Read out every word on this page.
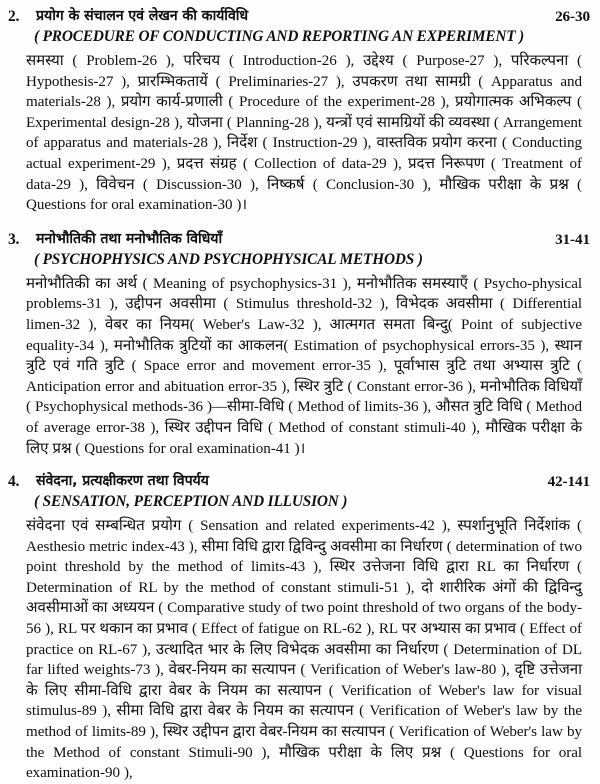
2.	प्रयोग के संचालन एवं लेखन की कार्यविधि	26-30
( PROCEDURE OF CONDUCTING AND REPORTING AN EXPERIMENT )

समस्या ( Problem-26 ), परिचय ( Introduction-26 ), उद्देश्य ( Purpose-27 ), परिकल्पना ( Hypothesis-27 ), प्रारम्भिकतायें ( Preliminaries-27 ), उपकरण तथा सामग्री ( Apparatus and materials-28 ), प्रयोग कार्य-प्रणाली ( Procedure of the experiment-28 ), प्रयोगात्मक अभिकल्प ( Experimental design-28 ), योजना ( Planning-28 ), यन्त्रों एवं सामग्रियों की व्यवस्था ( Arrangement of apparatus and materials-28 ), निर्देश ( Instruction-29 ), वास्तविक प्रयोग करना ( Conducting actual experiment-29 ), प्रदत्त संग्रह ( Collection of data-29 ), प्रदत्त निरूपण ( Treatment of data-29 ), विवेचन ( Discussion-30 ), निष्कर्ष ( Conclusion-30 ), मौखिक परीक्षा के प्रश्न ( Questions for oral examination-30 )।

3.	मनोभौतिकी तथा मनोभौतिक विधियाँ	31-41
( PSYCHOPHYSICS AND PSYCHOPHYSICAL METHODS )

मनोभौतिकी का अर्थ ( Meaning of psychophysics-31 ), मनोभौतिक समस्याएँ ( Psycho-physical problems-31 ), उद्दीपन अवसीमा ( Stimulus threshold-32 ), विभेदक अवसीमा ( Differential limen-32 ), वेबर का नियम( Weber's Law-32 ), आत्मगत समता बिन्दु( Point of subjective equality-34 ), मनोभौतिक त्रुटियों का आकलन( Estimation of psychophysical errors-35 ), स्थान त्रुटि एवं गति त्रुटि ( Space error and movement error-35 ), पूर्वाभास त्रुटि तथा अभ्यास त्रुटि ( Anticipation error and abituation error-35 ), स्थिर त्रुटि ( Constant error-36 ), मनोभौतिक विधियाँ ( Psychophysical methods-36 )—सीमा-विधि ( Method of limits-36 ), औसत त्रुटि विधि ( Method of average error-38 ), स्थिर उद्दीपन विधि ( Method of constant stimuli-40 ), मौखिक परीक्षा के लिए प्रश्न ( Questions for oral examination-41 )।

4.	संवेदना, प्रत्यक्षीकरण तथा विपर्यय	42-141
( SENSATION, PERCEPTION AND ILLUSION )

संवेदना एवं सम्बन्धित प्रयोग ( Sensation and related experiments-42 ), स्पर्शानुभूति निर्देशांक ( Aesthesio metric index-43 ), सीमा विधि द्वारा द्विविन्दु अवसीमा का निर्धारण ( determination of two point threshold by the method of limits-43 ), स्थिर उत्तेजना विधि द्वारा RL का निर्धारण ( Determination of RL by the method of constant stimuli-51 ), दो शारीरिक अंगों की द्विविन्दु अवसीमाओं का अध्ययन ( Comparative study of two point threshold of two organs of the body-56 ), RL पर थकान का प्रभाव ( Effect of fatigue on RL-62 ), RL पर अभ्यास का प्रभाव ( Effect of practice on RL-67 ), उत्थादित भार के लिए विभेदक अवसीमा का निर्धारण ( Determination of DL far lifted weights-73 ), वेबर-नियम का सत्यापन ( Verification of Weber's law-80 ), दृष्टि उत्तेजना के लिए सीमा-विधि द्वारा वेबर के नियम का सत्यापन ( Verification of Weber's law for visual stimulus-89 ), सीमा विधि द्वारा वेबर के नियम का सत्यापन ( Verification of Weber's law by the method of limits-89 ), स्थिर उद्दीपन द्वारा वेबर-नियम का सत्यापन ( Verification of Weber's law by the Method of constant Stimuli-90 ), मौखिक परीक्षा के लिए प्रश्न ( Questions for oral examination-90 ),
